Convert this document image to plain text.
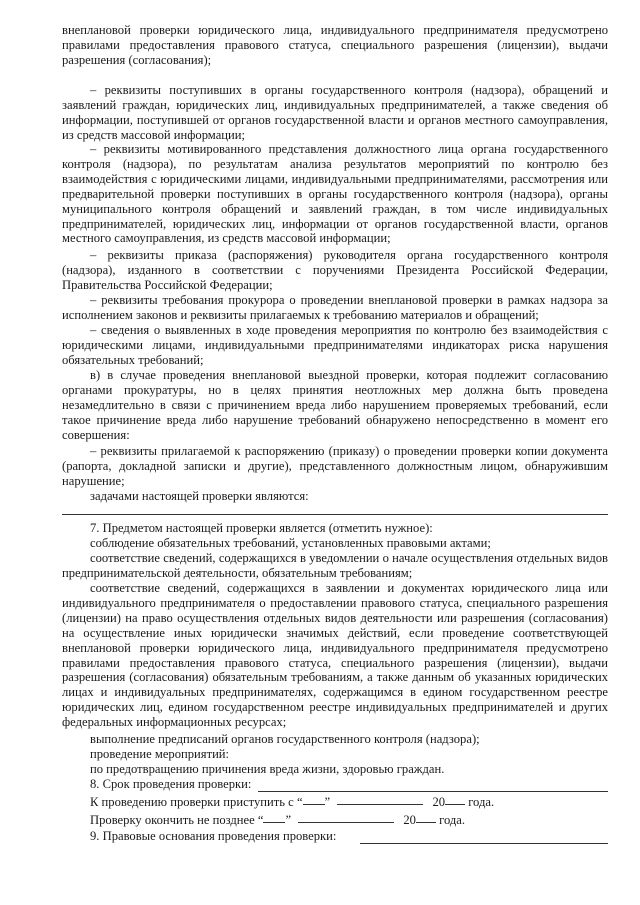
внеплановой проверки юридического лица, индивидуального предпринимателя предусмотрено правилами предоставления правового статуса, специального разрешения (лицензии), выдачи разрешения (согласования);

– реквизиты поступивших в органы государственного контроля (надзора), обращений и заявлений граждан, юридических лиц, индивидуальных предпринимателей, а также сведения об информации, поступившей от органов государственной власти и органов местного самоуправления, из средств массовой информации;

– реквизиты мотивированного представления должностного лица органа государственного контроля (надзора), по результатам анализа результатов мероприятий по контролю без взаимодействия с юридическими лицами, индивидуальными предпринимателями, рассмотрения или предварительной проверки поступивших в органы государственного контроля (надзора), органы муниципального контроля обращений и заявлений граждан, в том числе индивидуальных предпринимателей, юридических лиц, информации от органов государственной власти, органов местного самоуправления, из средств массовой информации;

– реквизиты приказа (распоряжения) руководителя органа государственного контроля (надзора), изданного в соответствии с поручениями Президента Российской Федерации, Правительства Российской Федерации;

– реквизиты требования прокурора о проведении внеплановой проверки в рамках надзора за исполнением законов и реквизиты прилагаемых к требованию материалов и обращений;

– сведения о выявленных в ходе проведения мероприятия по контролю без взаимодействия с юридическими лицами, индивидуальными предпринимателями индикаторах риска нарушения обязательных требований;

в) в случае проведения внеплановой выездной проверки, которая подлежит согласованию органами прокуратуры, но в целях принятия неотложных мер должна быть проведена незамедлительно в связи с причинением вреда либо нарушением проверяемых требований, если такое причинение вреда либо нарушение требований обнаружено непосредственно в момент его совершения:

– реквизиты прилагаемой к распоряжению (приказу) о проведении проверки копии документа (рапорта, докладной записки и другие), представленного должностным лицом, обнаружившим нарушение;

задачами настоящей проверки являются:

7. Предметом настоящей проверки является (отметить нужное):

соблюдение обязательных требований, установленных правовыми актами;

соответствие сведений, содержащихся в уведомлении о начале осуществления отдельных видов предпринимательской деятельности, обязательным требованиям;

соответствие сведений, содержащихся в заявлении и документах юридического лица или индивидуального предпринимателя о предоставлении правового статуса, специального разрешения (лицензии) на право осуществления отдельных видов деятельности или разрешения (согласования) на осуществление иных юридически значимых действий, если проведение соответствующей внеплановой проверки юридического лица, индивидуального предпринимателя предусмотрено правилами предоставления правового статуса, специального разрешения (лицензии), выдачи разрешения (согласования) обязательным требованиям, а также данным об указанных юридических лицах и индивидуальных предпринимателях, содержащимся в едином государственном реестре юридических лиц, едином государственном реестре индивидуальных предпринимателей и других федеральных информационных ресурсах;

выполнение предписаний органов государственного контроля (надзора);

проведение мероприятий:

по предотвращению причинения вреда жизни, здоровью граждан.

8. Срок проведения проверки:

К проведению проверки приступить с “ ”	20 года.

Проверку окончить не позднее “ ”	20 года.

9. Правовые основания проведения проверки:
